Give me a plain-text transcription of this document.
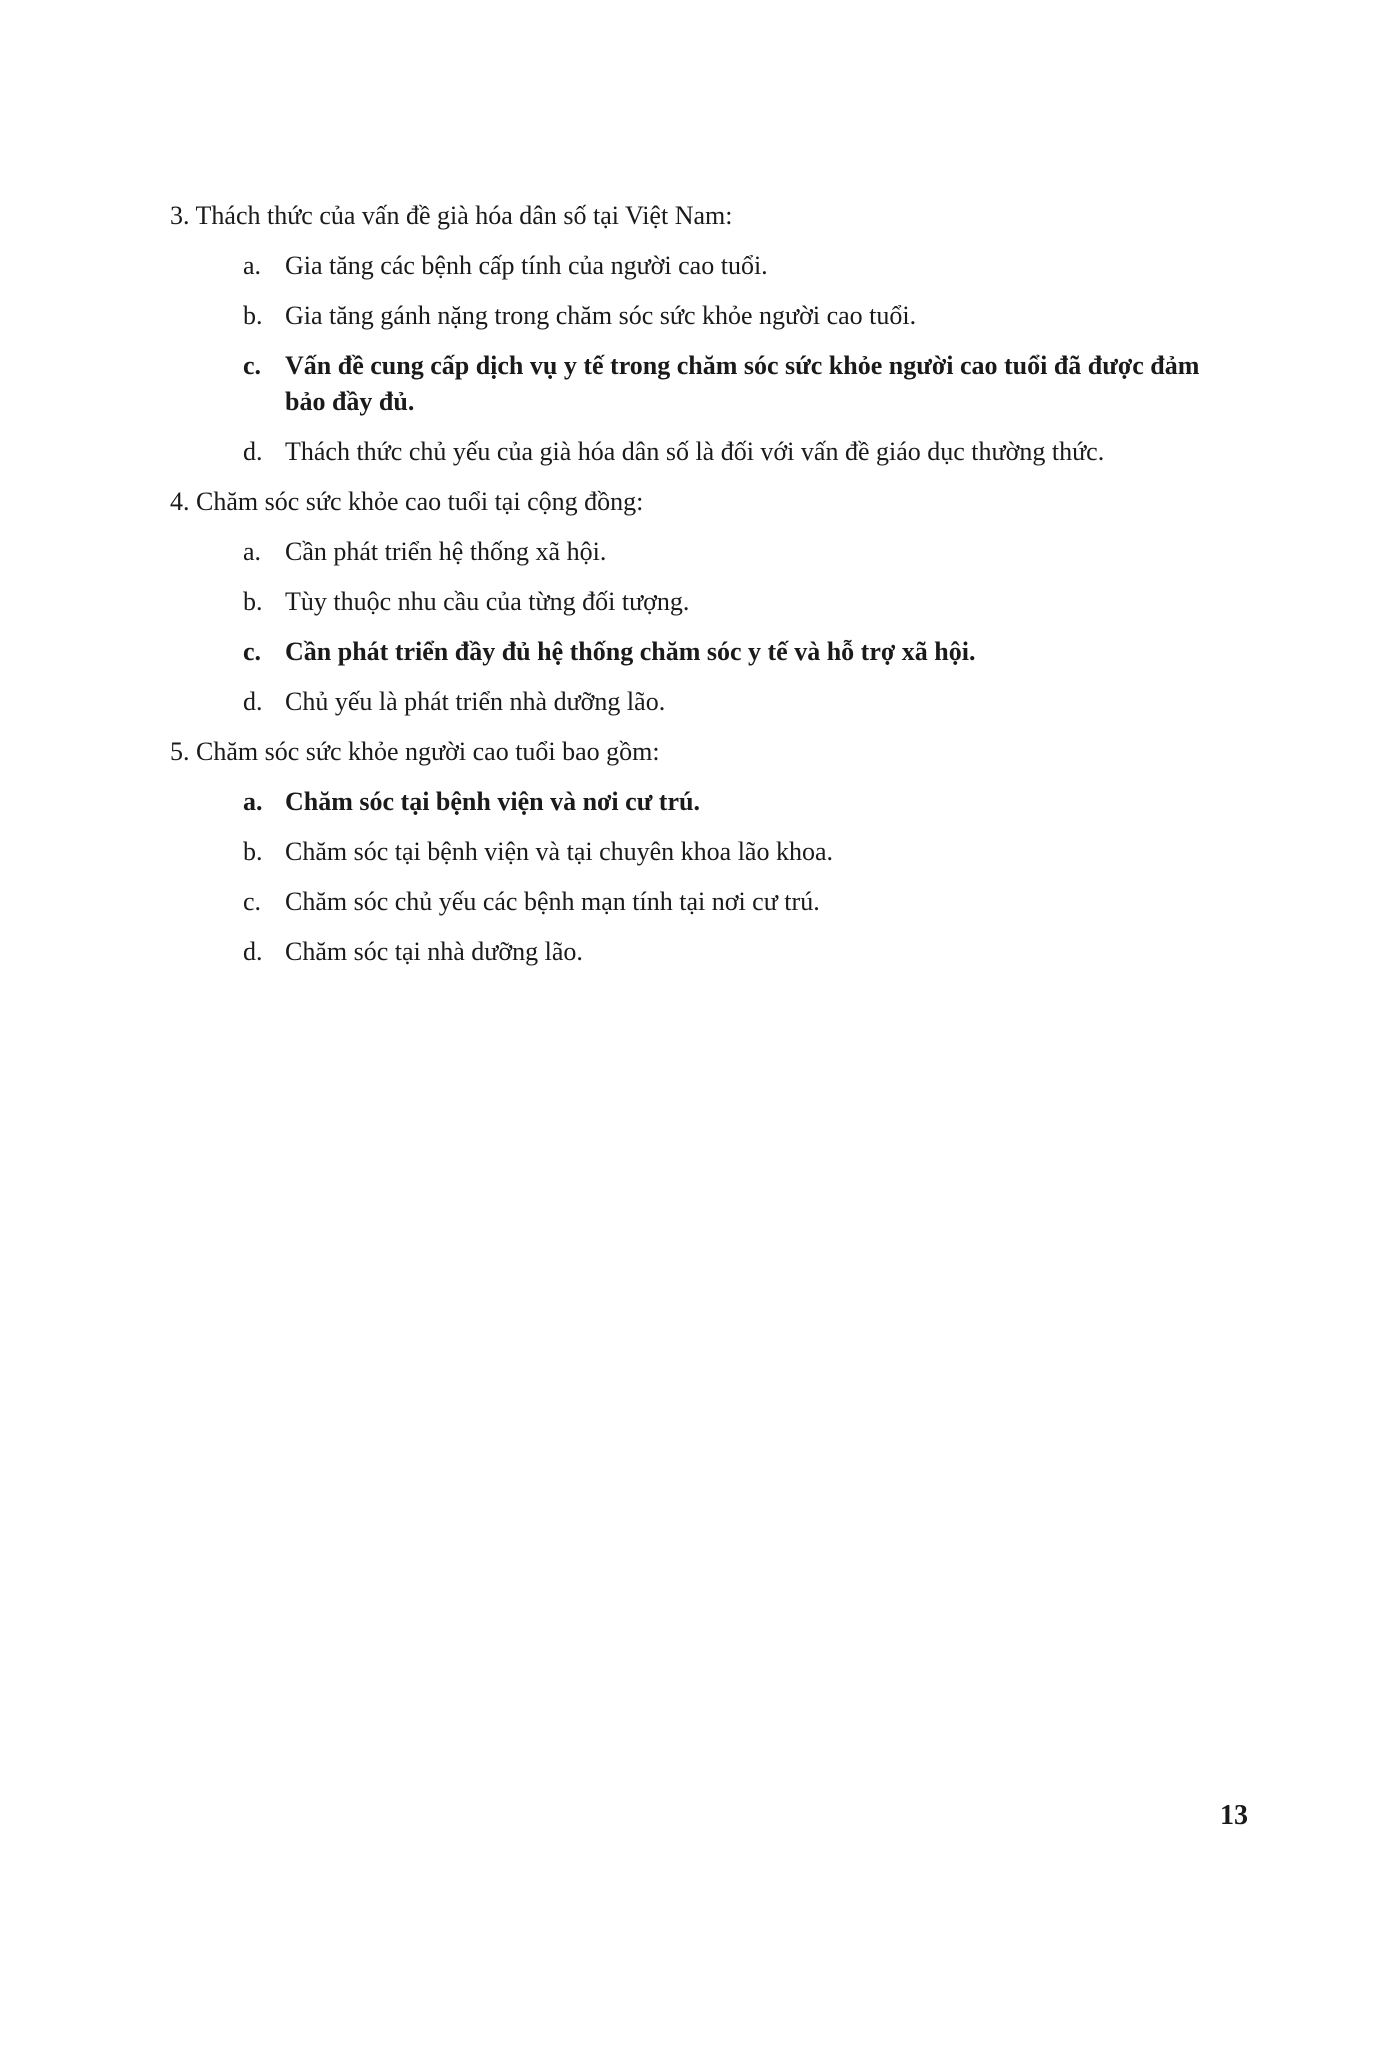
3. Thách thức của vấn đề già hóa dân số tại Việt Nam:

a. Gia tăng các bệnh cấp tính của người cao tuổi.
b. Gia tăng gánh nặng trong chăm sóc sức khỏe người cao tuổi.
c. Vấn đề cung cấp dịch vụ y tế trong chăm sóc sức khỏe người cao tuổi đã được đảm bảo đầy đủ.
d. Thách thức chủ yếu của già hóa dân số là đối với vấn đề giáo dục thường thức.

4. Chăm sóc sức khỏe cao tuổi tại cộng đồng:

a. Cần phát triển hệ thống xã hội.
b. Tùy thuộc nhu cầu của từng đối tượng.
c. Cần phát triển đầy đủ hệ thống chăm sóc y tế và hỗ trợ xã hội.
d. Chủ yếu là phát triển nhà dưỡng lão.

5. Chăm sóc sức khỏe người cao tuổi bao gồm:

a. Chăm sóc tại bệnh viện và nơi cư trú.
b. Chăm sóc tại bệnh viện và tại chuyên khoa lão khoa.
c. Chăm sóc chủ yếu các bệnh mạn tính tại nơi cư trú.
d. Chăm sóc tại nhà dưỡng lão.
13
